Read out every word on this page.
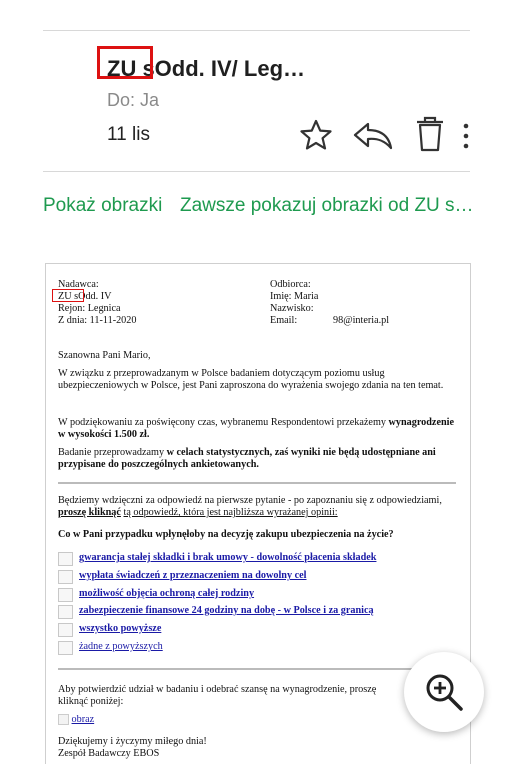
ZU sOdd. IV/ Leg…
Do: Ja
11 lis
Pokaż obrazki Zawsze pokazuj obrazki od ZU s…
Nadawca:
ZU sOdd. IV
Rejon: Legnica
Z dnia: 11-11-2020
Odbiorca:
Imię: Maria
Nazwisko:
Email:	98@interia.pl
Szanowna Pani Mario,
W związku z przeprowadzanym w Polsce badaniem dotyczącym poziomu usług ubezpieczeniowych w Polsce, jest Pani zaproszona do wyrażenia swojego zdania na ten temat.
W podziękowaniu za poświęcony czas, wybranemu Respondentowi przekażemy wynagrodzenie w wysokości 1.500 zł.
Badanie przeprowadzamy w celach statystycznych, zaś wyniki nie będą udostępniane ani przypisane do poszczególnych ankietowanych.
Będziemy wdzięczni za odpowiedź na pierwsze pytanie - po zapoznaniu się z odpowiedziami, proszę kliknąć tą odpowiedź, która jest najbliższa wyrażanej opinii:
Co w Pani przypadku wpłynęłoby na decyzję zakupu ubezpieczenia na życie?
gwarancja stałej składki i brak umowy - dowolność płacenia składek
wypłata świadczeń z przeznaczeniem na dowolny cel
możliwość objęcia ochroną całej rodziny
zabezpieczenie finansowe 24 godziny na dobę - w Polsce i za granicą
wszystko powyższe
żadne z powyższych
Aby potwierdzić udział w badaniu i odebrać szansę na wynagrodzenie, proszę kliknąć poniżej:
obraz
Dziękujemy i życzymy miłego dnia!
Zespół Badawczy EBOS
